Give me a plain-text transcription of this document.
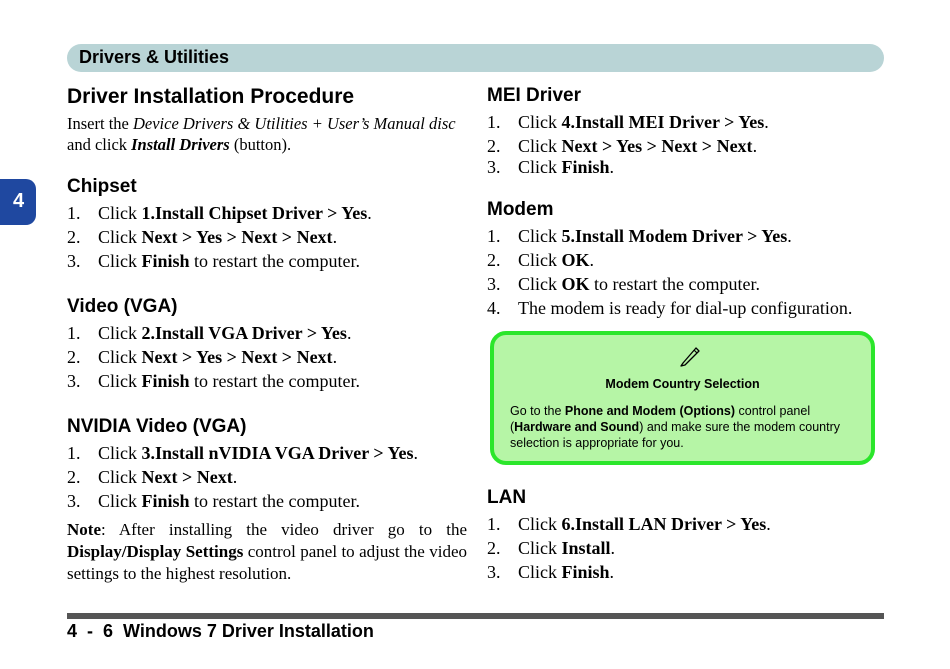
Drivers & Utilities
4
Driver Installation Procedure

Insert the Device Drivers & Utilities + User’s Manual disc and click Install Drivers (button).

Chipset
1. Click 1.Install Chipset Driver > Yes.
2. Click Next > Yes > Next > Next.
3. Click Finish to restart the computer.
Video (VGA)
1. Click 2.Install VGA Driver > Yes.
2. Click Next > Yes > Next > Next.
3. Click Finish to restart the computer.
NVIDIA Video (VGA)
1. Click 3.Install nVIDIA VGA Driver > Yes.
2. Click Next > Next.
3. Click Finish to restart the computer.

Note: After installing the video driver go to the Display/Display Settings control panel to adjust the video settings to the highest resolution.

MEI Driver
1. Click 4.Install MEI Driver > Yes.
2. Click Next > Yes > Next > Next.
3. Click Finish.
Modem
1. Click 5.Install Modem Driver > Yes.
2. Click OK.
3. Click OK to restart the computer.
4. The modem is ready for dial-up configuration.
Modem Country Selection
Go to the Phone and Modem (Options) control panel (Hardware and Sound) and make sure the modem country selection is appropriate for you.
LAN
1. Click 6.Install LAN Driver > Yes.
2. Click Install.
3. Click Finish.
4  -  6  Windows 7 Driver Installation
